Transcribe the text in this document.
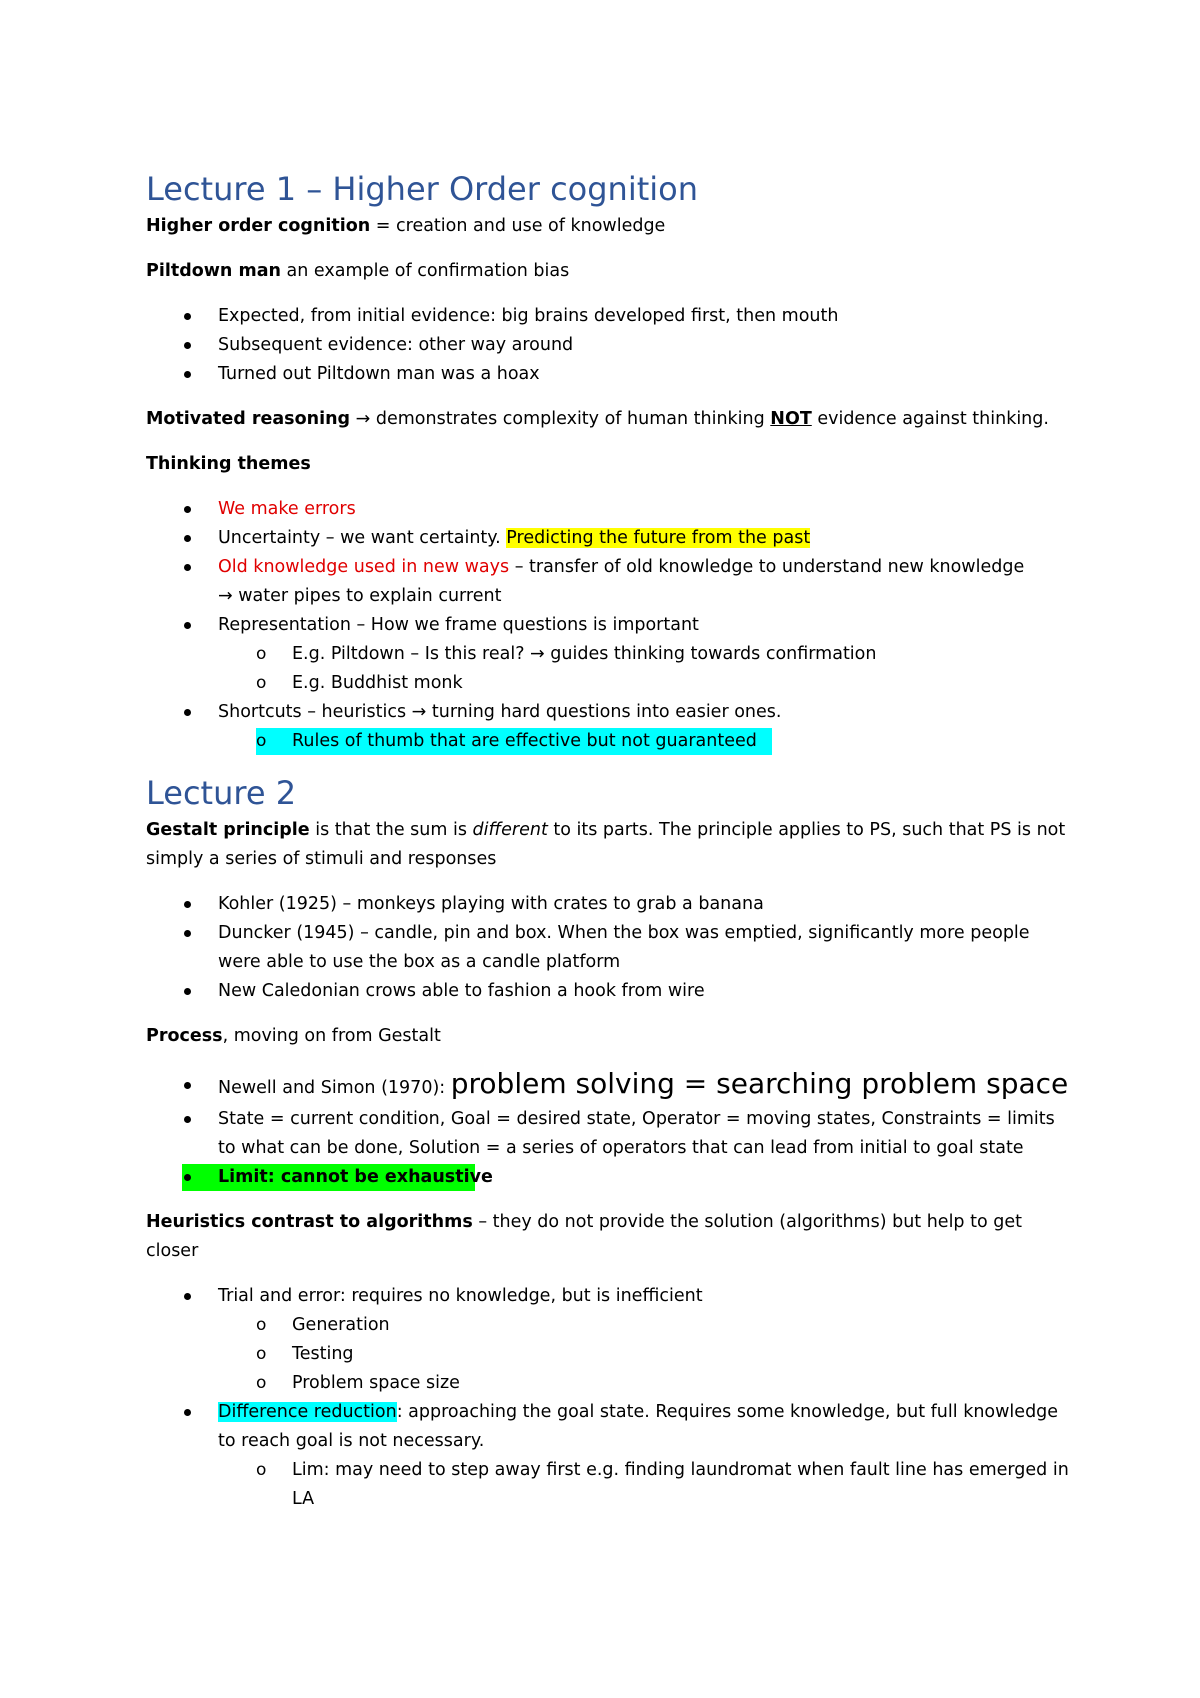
Lecture 1 – Higher Order cognition
Higher order cognition = creation and use of knowledge
Piltdown man an example of confirmation bias
Expected, from initial evidence: big brains developed first, then mouth
Subsequent evidence: other way around
Turned out Piltdown man was a hoax
Motivated reasoning → demonstrates complexity of human thinking NOT evidence against thinking.
Thinking themes
We make errors
Uncertainty – we want certainty. Predicting the future from the past
Old knowledge used in new ways – transfer of old knowledge to understand new knowledge
→ water pipes to explain current
Representation – How we frame questions is important
o E.g. Piltdown – Is this real? → guides thinking towards confirmation
o E.g. Buddhist monk
Shortcuts – heuristics → turning hard questions into easier ones.
o Rules of thumb that are effective but not guaranteed
Lecture 2
Gestalt principle is that the sum is different to its parts. The principle applies to PS, such that PS is not simply a series of stimuli and responses
Kohler (1925) – monkeys playing with crates to grab a banana
Duncker (1945) – candle, pin and box. When the box was emptied, significantly more people were able to use the box as a candle platform
New Caledonian crows able to fashion a hook from wire
Process, moving on from Gestalt
Newell and Simon (1970): problem solving = searching problem space
State = current condition, Goal = desired state, Operator = moving states, Constraints = limits to what can be done, Solution = a series of operators that can lead from initial to goal state
Limit: cannot be exhaustive
Heuristics contrast to algorithms – they do not provide the solution (algorithms) but help to get closer
Trial and error: requires no knowledge, but is inefficient
o Generation
o Testing
o Problem space size
Difference reduction: approaching the goal state. Requires some knowledge, but full knowledge to reach goal is not necessary.
o Lim: may need to step away first e.g. finding laundromat when fault line has emerged in LA
